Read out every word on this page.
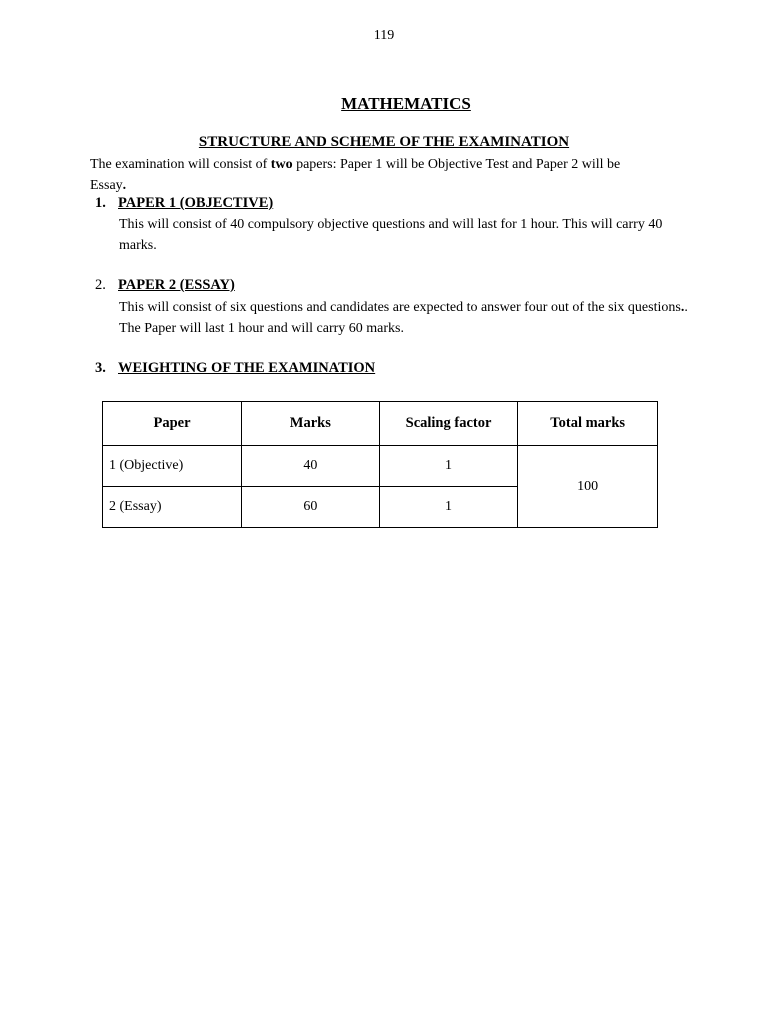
119
MATHEMATICS
STRUCTURE AND SCHEME OF THE EXAMINATION
The examination will consist of two papers: Paper 1 will be Objective Test and Paper 2 will be Essay.
1. PAPER 1 (OBJECTIVE)
This will consist of 40 compulsory objective questions and will last for 1 hour. This will carry 40 marks.
2. PAPER 2 (ESSAY)
This will consist of six questions and candidates are expected to answer four out of the six questions.. The Paper will last 1 hour and will carry 60 marks.
3. WEIGHTING OF THE EXAMINATION
Paper	Marks	Scaling factor	Total marks
1 (Objective)	40	1	100
2 (Essay)	60	1	
